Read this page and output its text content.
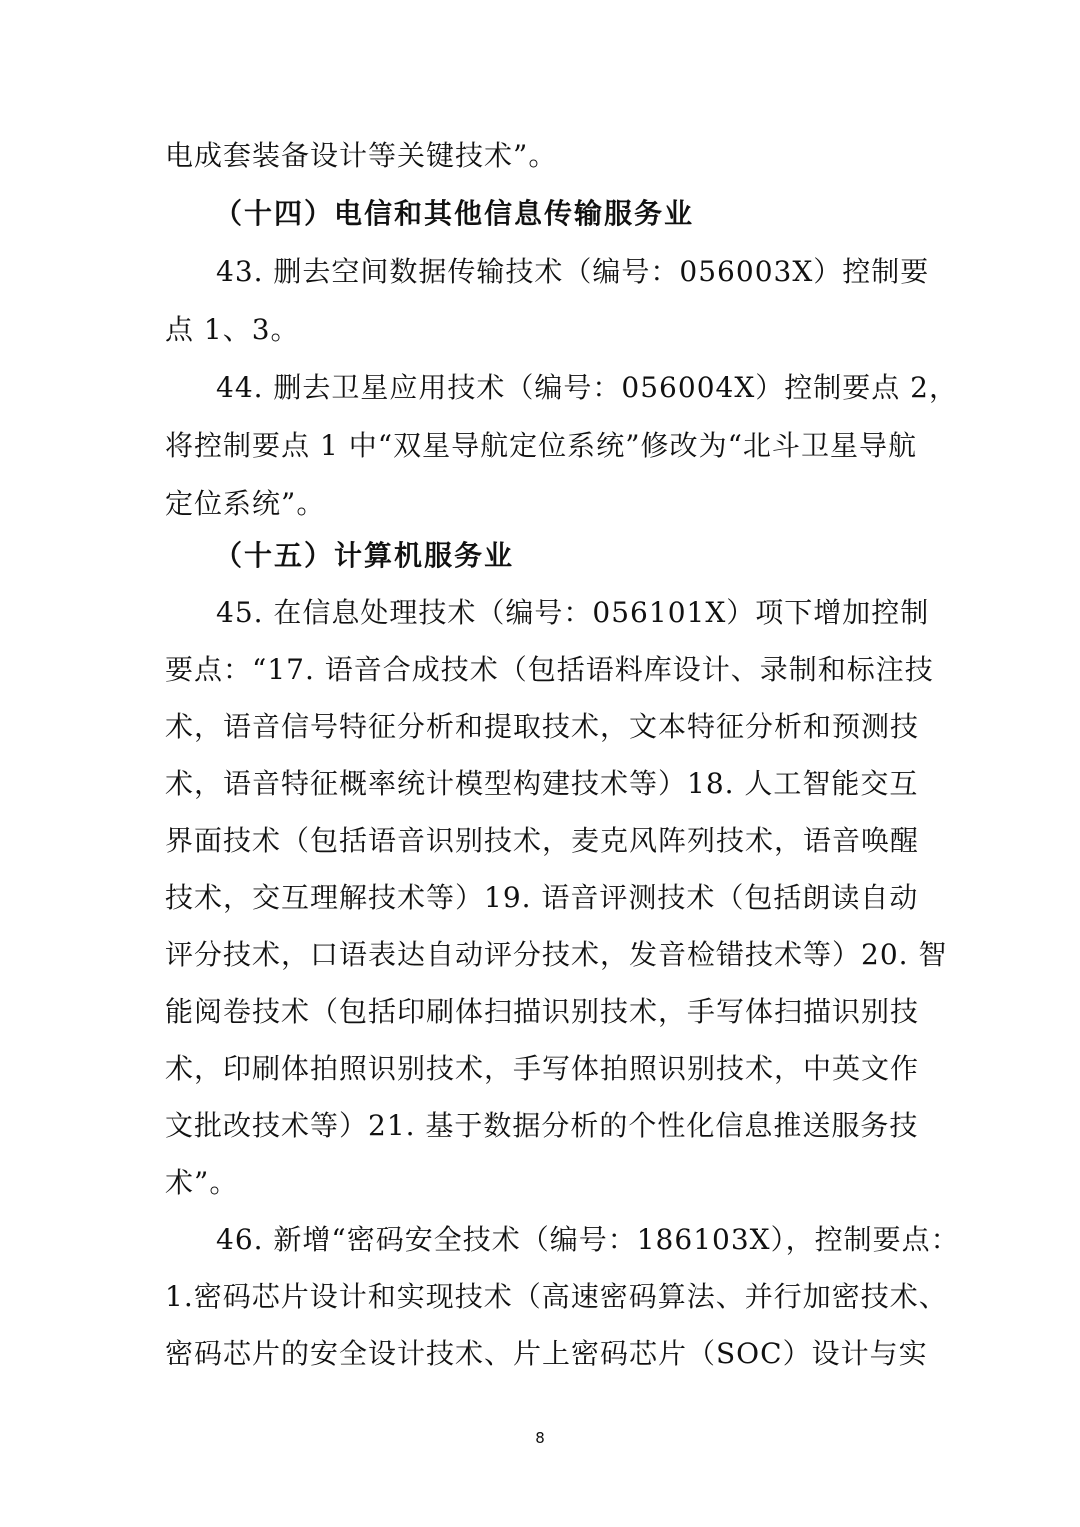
电成套装备设计等关键技术”。
（十四）电信和其他信息传输服务业
43. 删去空间数据传输技术（编号：056003X）控制要
点 1、3。
44. 删去卫星应用技术（编号：056004X）控制要点 2，
将控制要点 1 中“双星导航定位系统”修改为“北斗卫星导航
定位系统”。
（十五）计算机服务业
45. 在信息处理技术（编号：056101X）项下增加控制
要点：“17. 语音合成技术（包括语料库设计、录制和标注技
术，语音信号特征分析和提取技术，文本特征分析和预测技
术，语音特征概率统计模型构建技术等）18. 人工智能交互
界面技术（包括语音识别技术，麦克风阵列技术，语音唤醒
技术，交互理解技术等）19. 语音评测技术（包括朗读自动
评分技术，口语表达自动评分技术，发音检错技术等）20. 智
能阅卷技术（包括印刷体扫描识别技术，手写体扫描识别技
术，印刷体拍照识别技术，手写体拍照识别技术，中英文作
文批改技术等）21. 基于数据分析的个性化信息推送服务技
术”。
46. 新增“密码安全技术（编号：186103X），控制要点：
1.密码芯片设计和实现技术（高速密码算法、并行加密技术、
密码芯片的安全设计技术、片上密码芯片（SOC）设计与实
8
